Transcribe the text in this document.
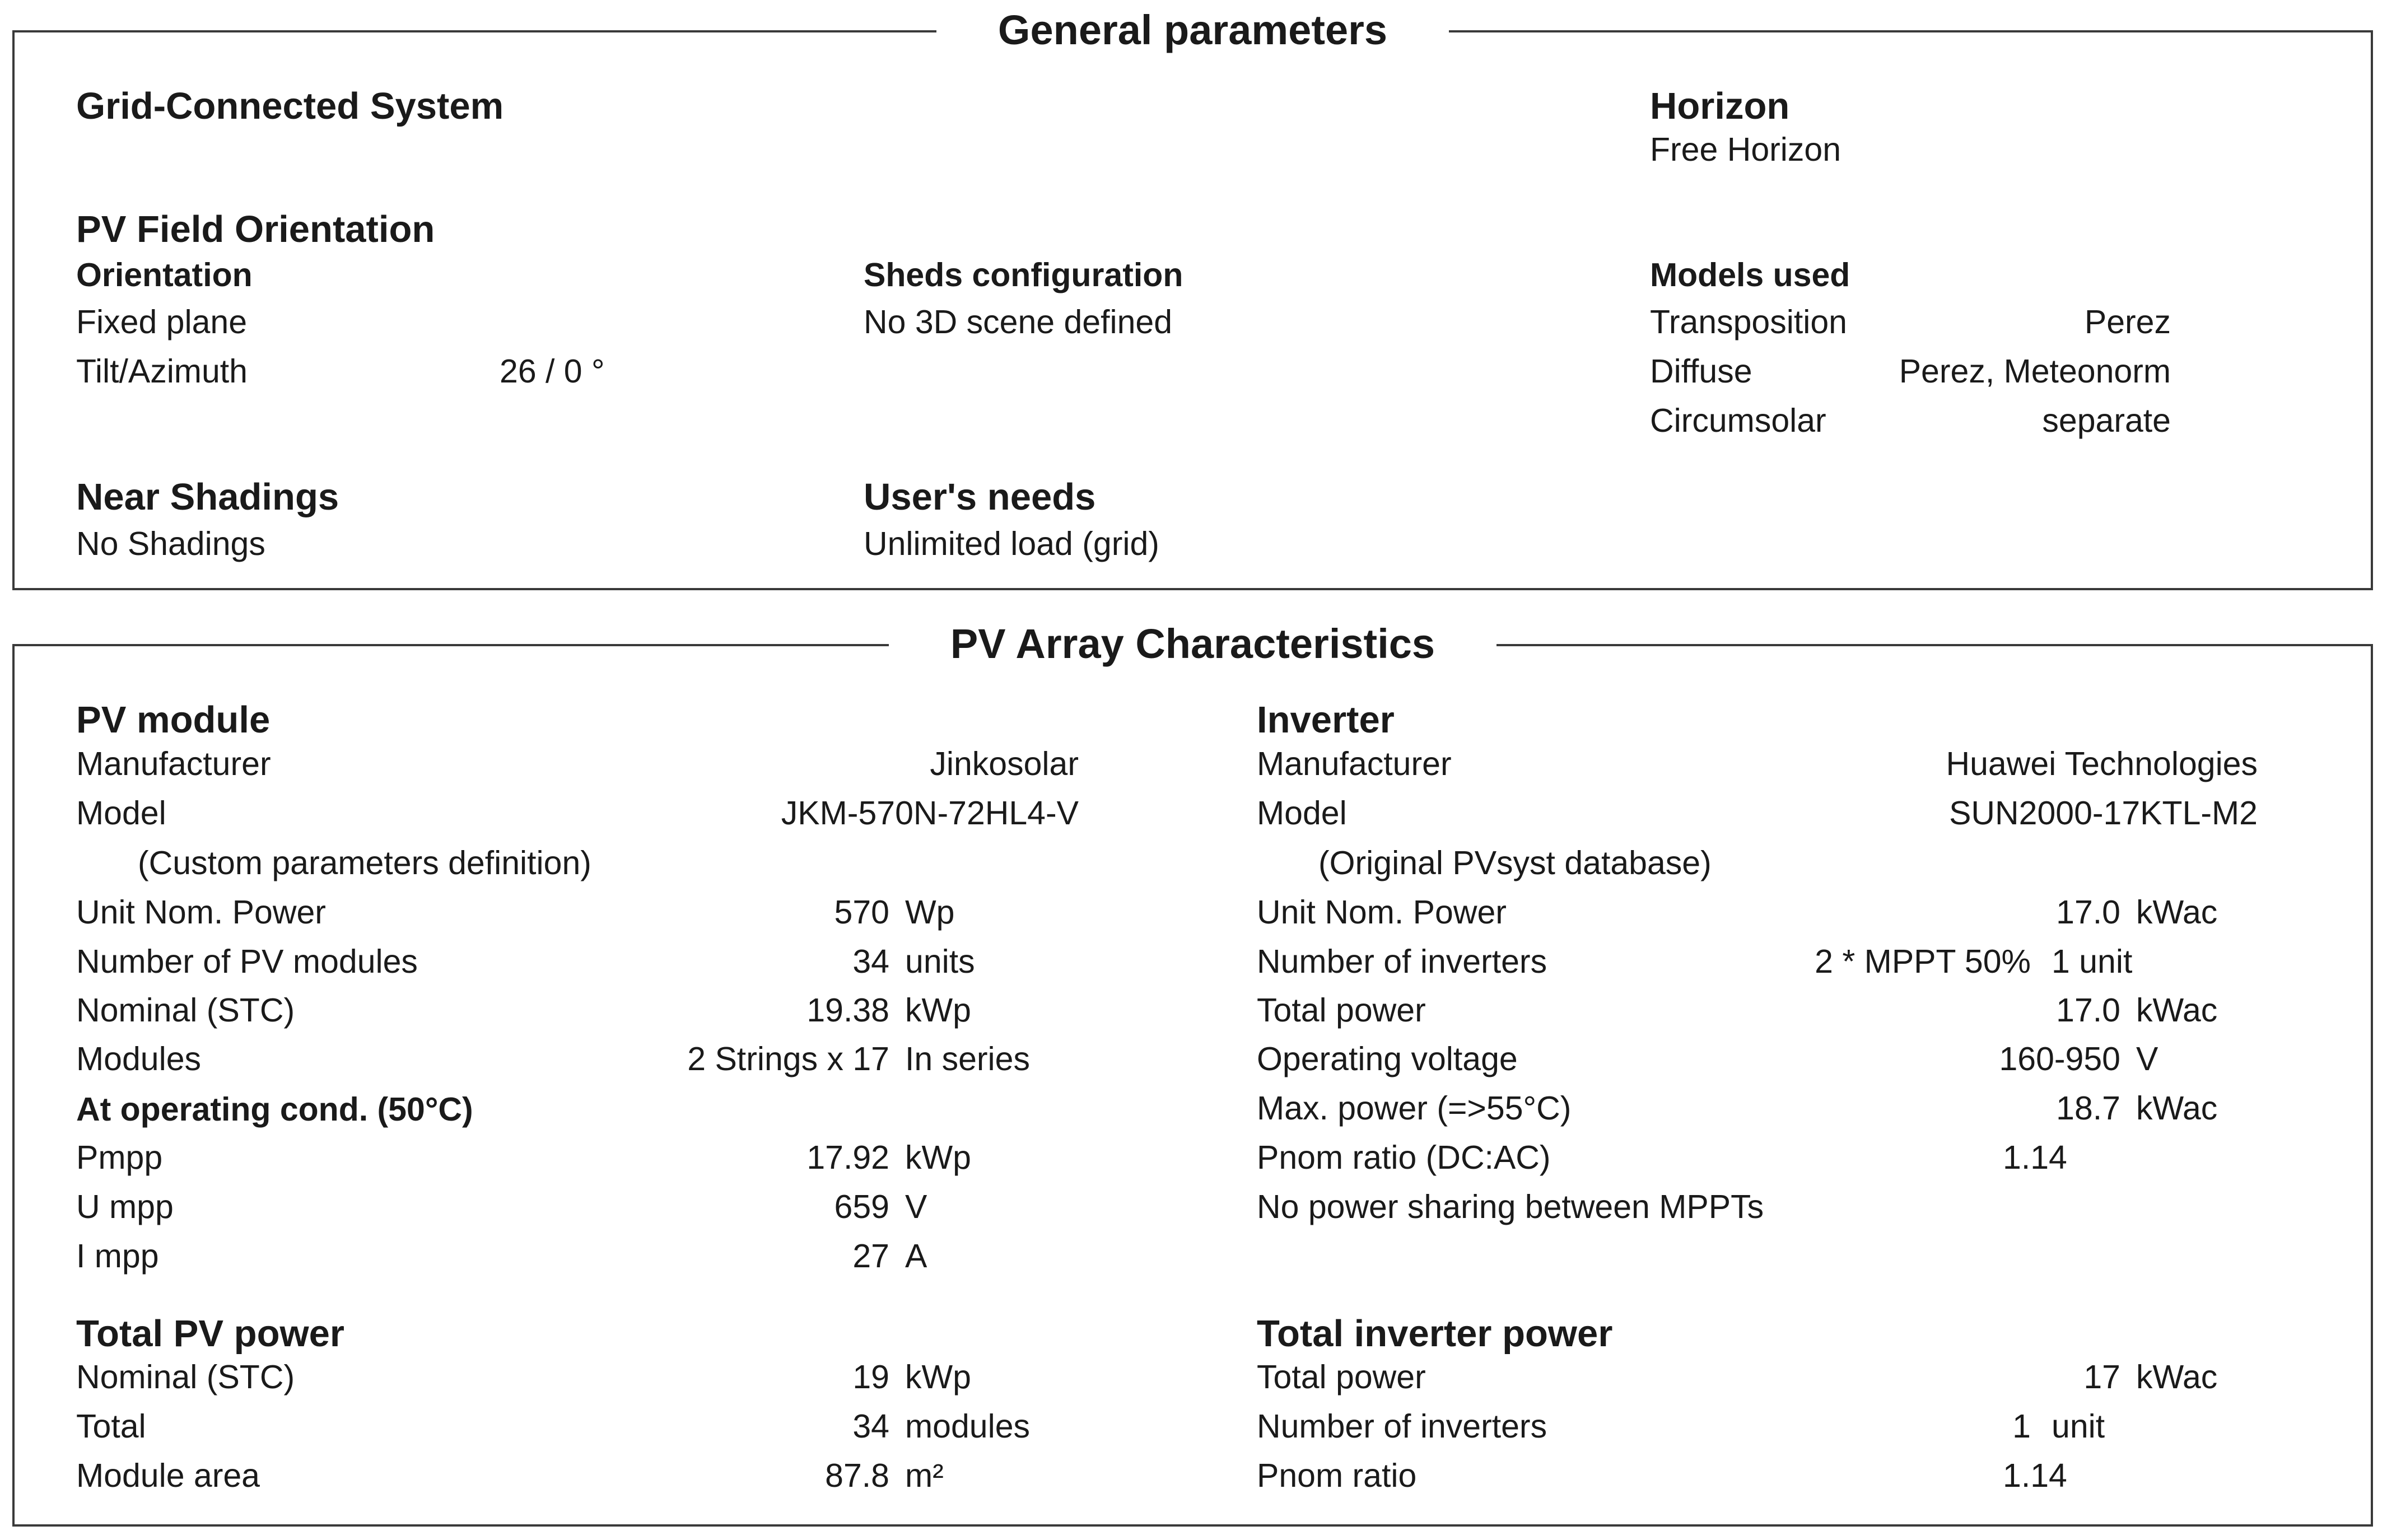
General parameters
Grid-Connected System	Horizon
Free Horizon
PV Field Orientation
Orientation
Fixed plane
Tilt/Azimuth	26 / 0 °
Sheds configuration
No 3D scene defined
Models used
Transposition	Perez
Diffuse	Perez, Meteonorm
Circumsolar	separate
Near Shadings
No Shadings
User's needs
Unlimited load (grid)
PV Array Characteristics
PV module
Manufacturer	Jinkosolar
Model	JKM-570N-72HL4-V
(Custom parameters definition)
Unit Nom. Power	570 Wp
Number of PV modules	34 units
Nominal (STC)	19.38 kWp
Modules	2 Strings x 17 In series
At operating cond. (50°C)
Pmpp	17.92 kWp
U mpp	659 V
I mpp	27 A
Inverter
Manufacturer	Huawei Technologies
Model	SUN2000-17KTL-M2
(Original PVsyst database)
Unit Nom. Power	17.0 kWac
Number of inverters	2 * MPPT 50% 1 unit
Total power	17.0 kWac
Operating voltage	160-950 V
Max. power (=>55°C)	18.7 kWac
Pnom ratio (DC:AC)	1.14
No power sharing between MPPTs
Total PV power
Nominal (STC)	19 kWp
Total	34 modules
Module area	87.8 m²
Total inverter power
Total power	17 kWac
Number of inverters	1 unit
Pnom ratio	1.14
